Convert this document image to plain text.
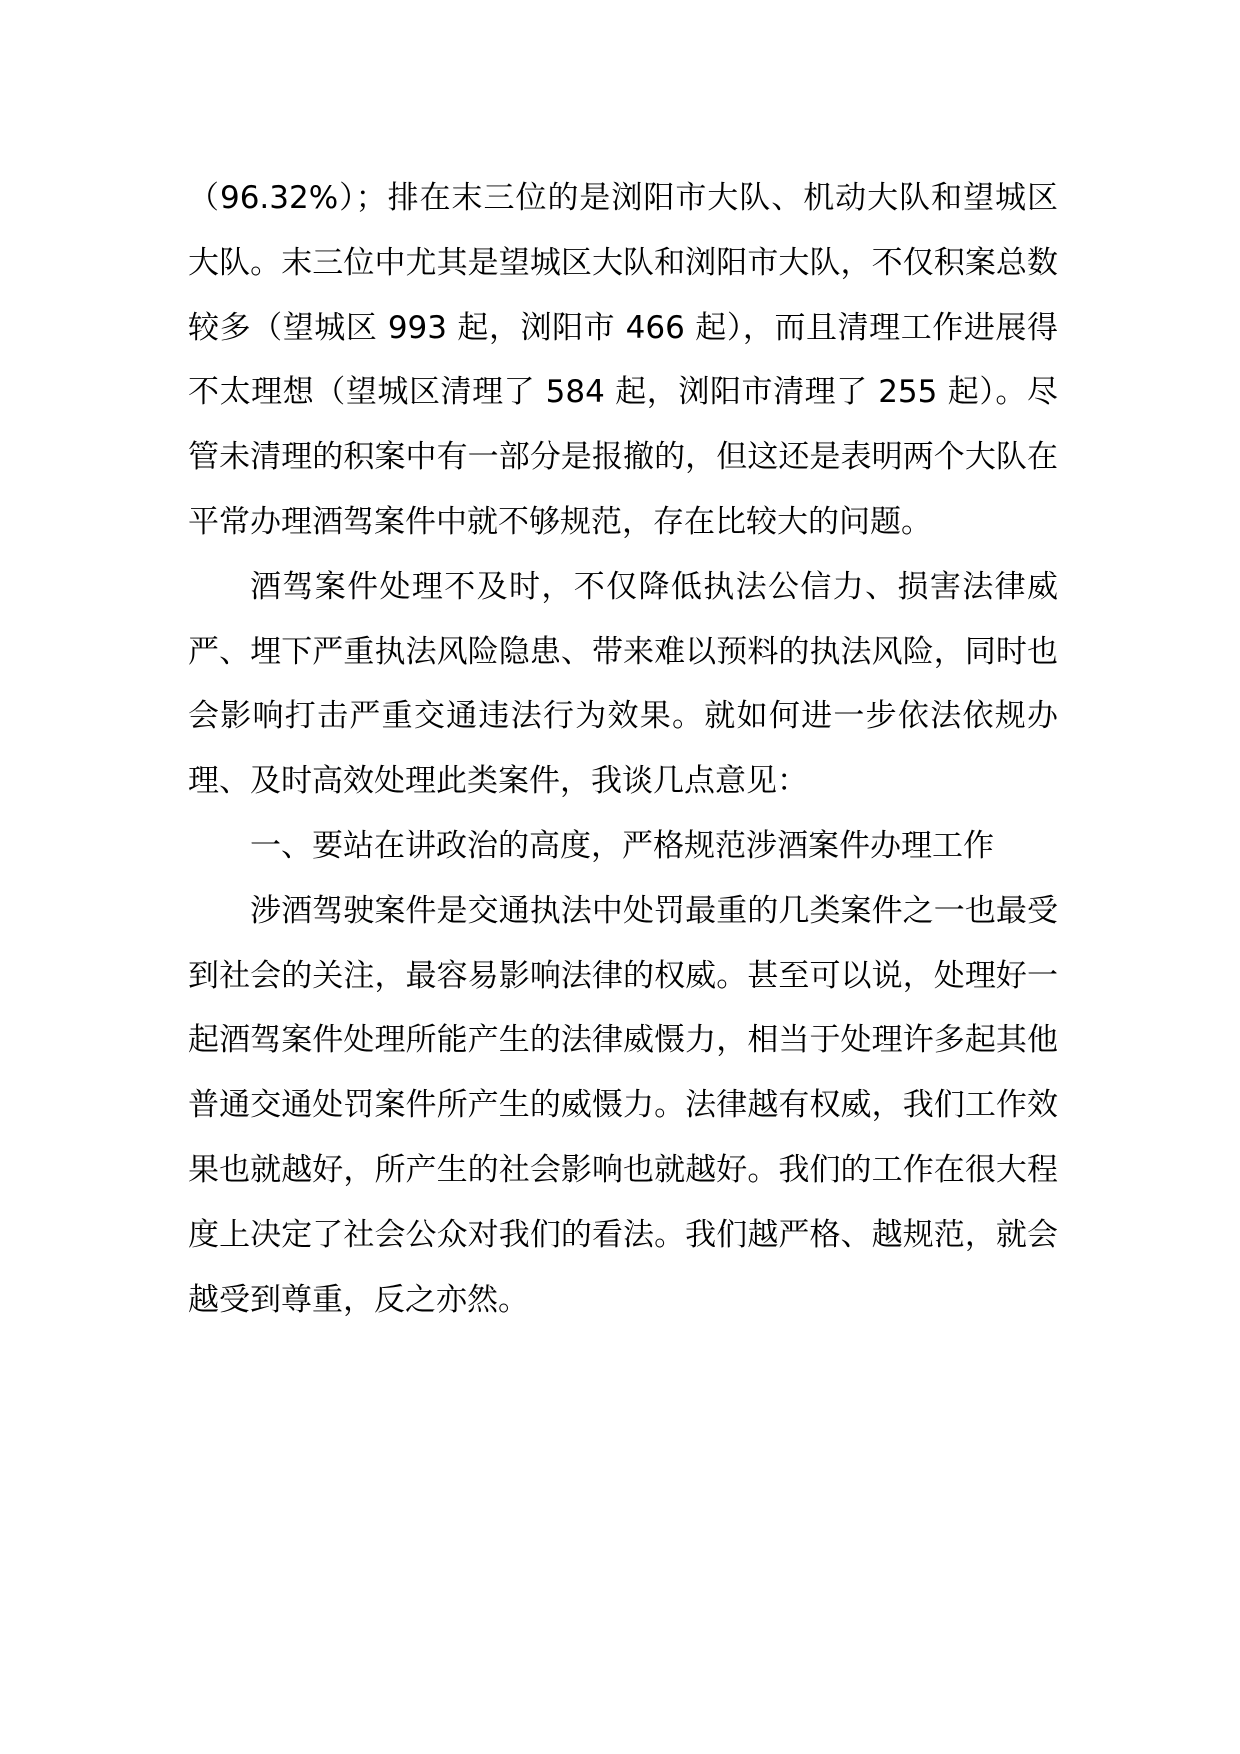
（96.32%）；排在末三位的是浏阳市大队、机动大队和望城区大队。末三位中尤其是望城区大队和浏阳市大队，不仅积案总数较多（望城区 993 起，浏阳市 466 起），而且清理工作进展得不太理想（望城区清理了 584 起，浏阳市清理了 255 起）。尽管未清理的积案中有一部分是报撤的，但这还是表明两个大队在平常办理酒驾案件中就不够规范，存在比较大的问题。

酒驾案件处理不及时，不仅降低执法公信力、损害法律威严、埋下严重执法风险隐患、带来难以预料的执法风险，同时也会影响打击严重交通违法行为效果。就如何进一步依法依规办理、及时高效处理此类案件，我谈几点意见：

一、要站在讲政治的高度，严格规范涉酒案件办理工作

涉酒驾驶案件是交通执法中处罚最重的几类案件之一也最受到社会的关注，最容易影响法律的权威。甚至可以说，处理好一起酒驾案件处理所能产生的法律威慑力，相当于处理许多起其他普通交通处罚案件所产生的威慑力。法律越有权威，我们工作效果也就越好，所产生的社会影响也就越好。我们的工作在很大程度上决定了社会公众对我们的看法。我们越严格、越规范，就会越受到尊重，反之亦然。
